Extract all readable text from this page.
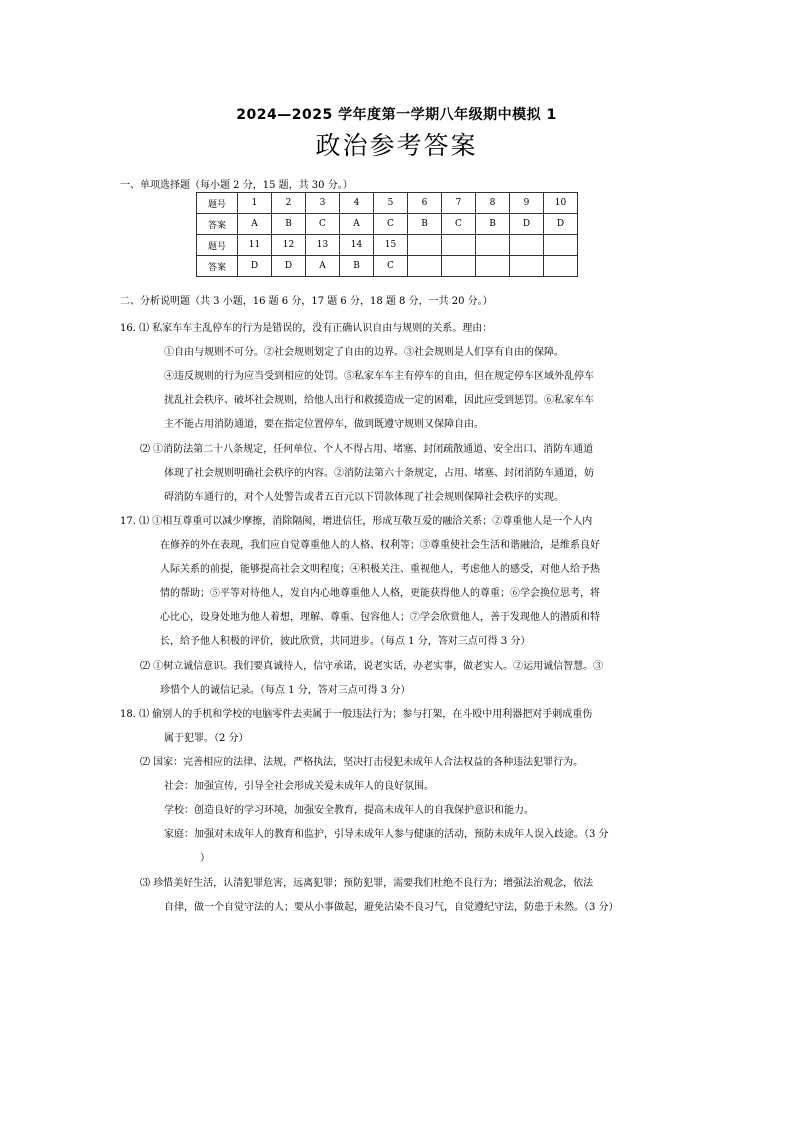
2024—2025 学年度第一学期八年级期中模拟 1
政治参考答案
一、单项选择题（每小题 2 分，15 题，共 30 分。）
题号	1	2	3	4	5	6	7	8	9	10
答案	A	B	C	A	C	B	C	B	D	D
题号	11	12	13	14	15					
答案	D	D	A	B	C					
二、分析说明题（共 3 小题，16 题 6 分，17 题 6 分，18 题 8 分，一共 20 分。）
16. ⑴ 私家车车主乱停车的行为是错误的，没有正确认识自由与规则的关系。理由：
①自由与规则不可分。②社会规则划定了自由的边界。③社会规则是人们享有自由的保障。
④违反规则的行为应当受到相应的处罚。⑤私家车车主有停车的自由，但在规定停车区域外乱停车
扰乱社会秩序、破坏社会规则，给他人出行和救援造成一定的困难，因此应受到惩罚。⑥私家车车
主不能占用消防通道，要在指定位置停车，做到既遵守规则又保障自由。
⑵ ①消防法第二十八条规定，任何单位、个人不得占用、堵塞、封闭疏散通道、安全出口、消防车通道
体现了社会规则明确社会秩序的内容。②消防法第六十条规定，占用、堵塞、封闭消防车通道，妨
碍消防车通行的，对个人处警告或者五百元以下罚款体现了社会规则保障社会秩序的实现。
17. ⑴ ①相互尊重可以减少摩擦，消除隔阂，增进信任，形成互敬互爱的融洽关系；②尊重他人是一个人内
在修养的外在表现，我们应自觉尊重他人的人格、权利等；③尊重使社会生活和谐融洽，是维系良好
人际关系的前提，能够提高社会文明程度；④积极关注、重视他人，考虑他人的感受，对他人给予热
情的帮助；⑤平等对待他人，发自内心地尊重他人人格，更能获得他人的尊重；⑥学会换位思考，将
心比心，设身处地为他人着想，理解、尊重、包容他人；⑦学会欣赏他人，善于发现他人的潜质和特
长，给予他人积极的评价，彼此欣赏，共同进步。（每点 1 分，答对三点可得 3 分）
⑵ ①树立诚信意识。我们要真诚待人，信守承诺，说老实话，办老实事，做老实人。②运用诚信智慧。③
珍惜个人的诚信记录。（每点 1 分，答对三点可得 3 分）
18. ⑴ 偷别人的手机和学校的电脑零件去卖属于一般违法行为；参与打架，在斗殴中用利器把对手刺成重伤
属于犯罪。（2 分）
⑵ 国家：完善相应的法律、法规，严格执法，坚决打击侵犯未成年人合法权益的各种违法犯罪行为。
社会：加强宣传，引导全社会形成关爱未成年人的良好氛围。
学校：创造良好的学习环境，加强安全教育，提高未成年人的自我保护意识和能力。
家庭：加强对未成年人的教育和监护，引导未成年人参与健康的活动，预防未成年人误入歧途。（3 分
）
⑶ 珍惜美好生活，认清犯罪危害，远离犯罪；预防犯罪，需要我们杜绝不良行为；增强法治观念，依法
自律，做一个自觉守法的人；要从小事做起，避免沾染不良习气，自觉遵纪守法，防患于未然。（3 分）
